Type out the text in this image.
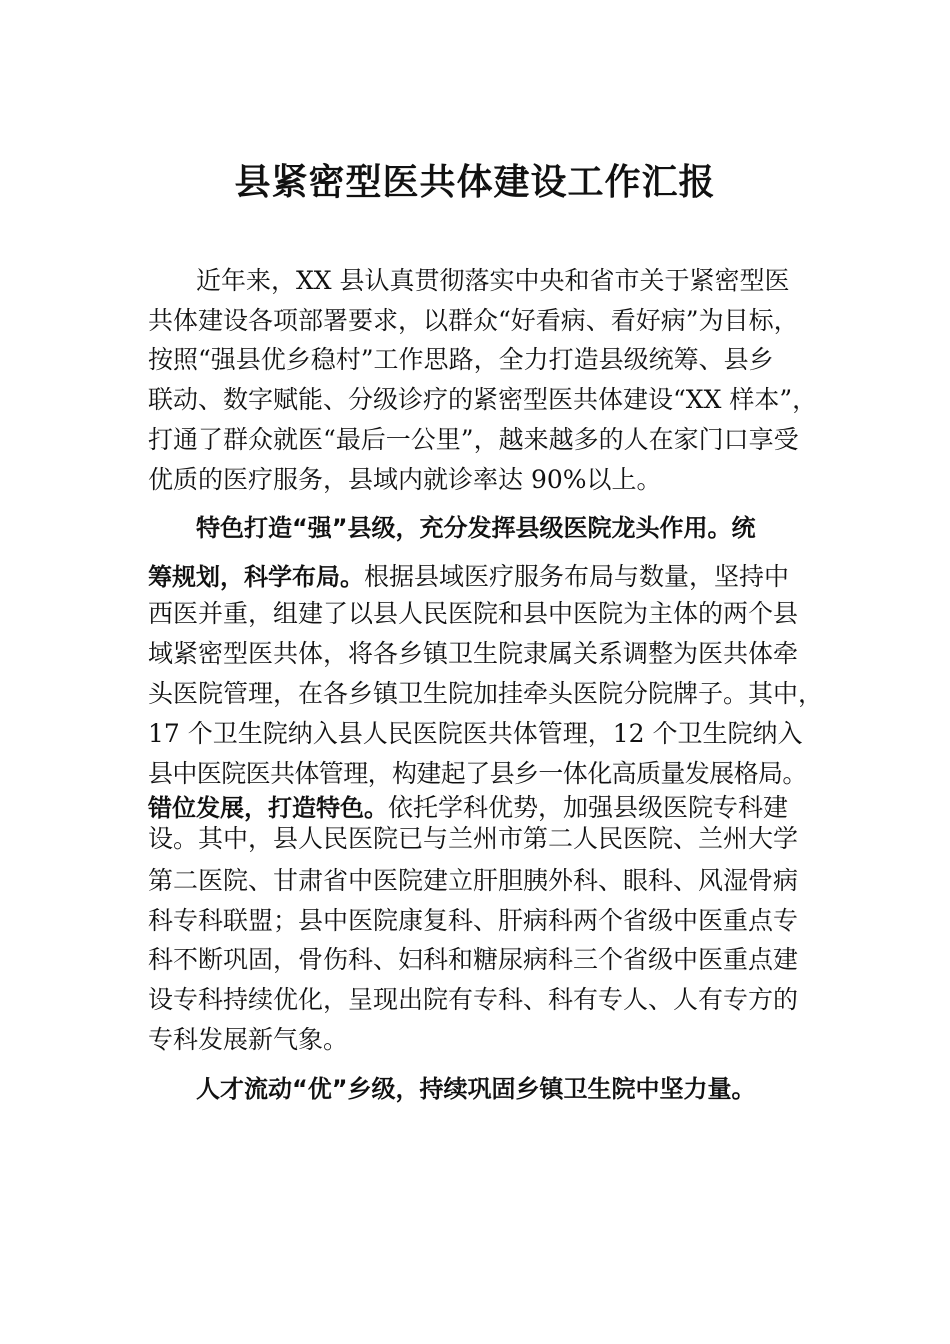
县紧密型医共体建设工作汇报

近年来，XX 县认真贯彻落实中央和省市关于紧密型医

共体建设各项部署要求，以群众“好看病、看好病”为目标，

按照“强县优乡稳村”工作思路，全力打造县级统筹、县乡

联动、数字赋能、分级诊疗的紧密型医共体建设“XX 样本”，

打通了群众就医“最后一公里”，越来越多的人在家门口享受

优质的医疗服务，县域内就诊率达 90%以上。

特色打造“强”县级，充分发挥县级医院龙头作用。统

筹规划，科学布局。根据县域医疗服务布局与数量，坚持中

西医并重，组建了以县人民医院和县中医院为主体的两个县

域紧密型医共体，将各乡镇卫生院隶属关系调整为医共体牵

头医院管理，在各乡镇卫生院加挂牵头医院分院牌子。其中，

17 个卫生院纳入县人民医院医共体管理，12 个卫生院纳入

县中医院医共体管理，构建起了县乡一体化高质量发展格局。

错位发展，打造特色。依托学科优势，加强县级医院专科建

设。其中，县人民医院已与兰州市第二人民医院、兰州大学

第二医院、甘肃省中医院建立肝胆胰外科、眼科、风湿骨病

科专科联盟；县中医院康复科、肝病科两个省级中医重点专

科不断巩固，骨伤科、妇科和糖尿病科三个省级中医重点建

设专科持续优化，呈现出院有专科、科有专人、人有专方的

专科发展新气象。

人才流动“优”乡级，持续巩固乡镇卫生院中坚力量。
